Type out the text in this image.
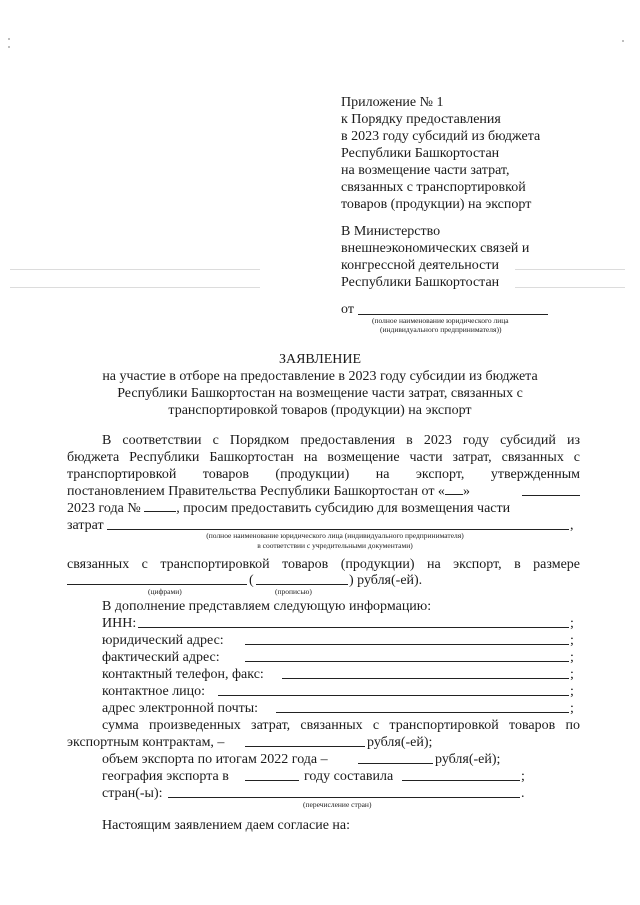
Приложение № 1
к Порядку предоставления
в 2023 году субсидий из бюджета
Республики Башкортостан
на возмещение части затрат,
связанных с транспортировкой
товаров (продукции) на экспорт
В Министерство
внешнеэкономических связей и
конгрессной деятельности
Республики Башкортостан
от
(полное наименование юридического лица
(индивидуального предпринимателя))
ЗАЯВЛЕНИЕ
на участие в отборе на предоставление в 2023 году субсидии из бюджета
Республики Башкортостан на возмещение части затрат, связанных с
транспортировкой товаров (продукции) на экспорт
В соответствии с Порядком предоставления в 2023 году субсидий из
бюджета Республики Башкортостан на возмещение части затрат, связанных с
транспортировкой товаров (продукции) на экспорт, утвержденным
постановлением Правительства Республики Башкортостан от « »
2023 года №	, просим предоставить субсидию для возмещения части
затрат	,
(полное наименование юридического лица (индивидуального предпринимателя)
в соответствии с учредительными документами)
связанных с транспортировкой товаров (продукции) на экспорт, в размере
(	) рубля(-ей).
(цифрами)	(прописью)
В дополнение представляем следующую информацию:
ИНН:	;
юридический адрес:	;
фактический адрес:	;
контактный телефон, факс:	;
контактное лицо:	;
адрес электронной почты:	;
сумма произведенных затрат, связанных с транспортировкой товаров по
экспортным контрактам, –	рубля(-ей);
объем экспорта по итогам 2022 года –	рубля(-ей);
география экспорта в	году составила	;
стран(-ы):	.
(перечисление стран)
Настоящим заявлением даем согласие на:
